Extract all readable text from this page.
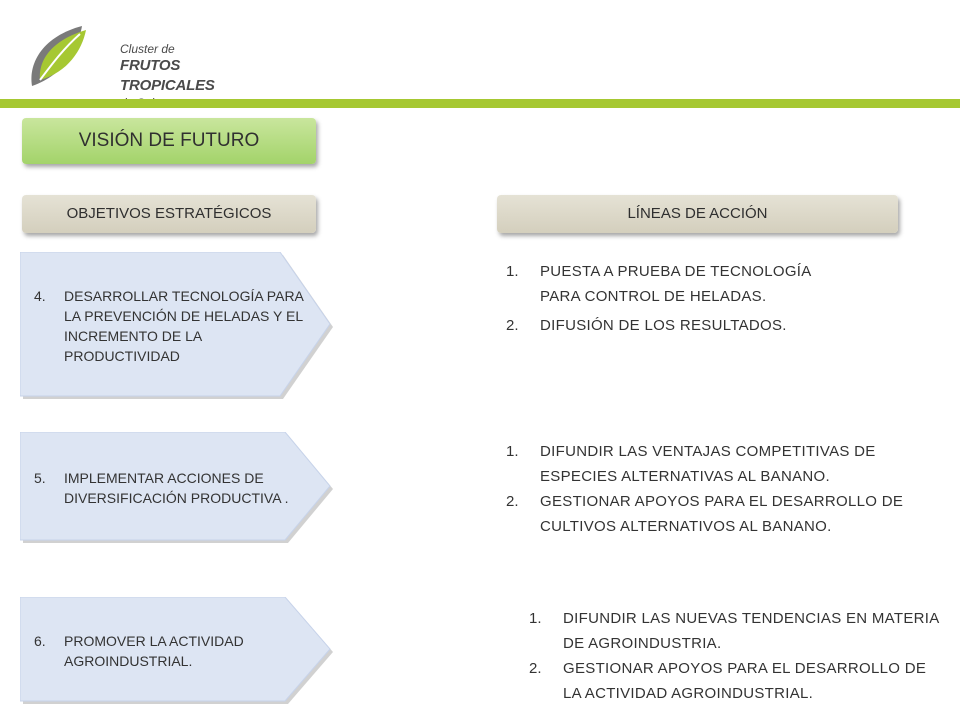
Cluster de
FRUTOS TROPICALES
VISIÓN DE FUTURO
OBJETIVOS ESTRATÉGICOS	LÍNEAS DE ACCIÓN
4.	DESARROLLAR TECNOLOGÍA PARA LA PREVENCIÓN DE HELADAS Y EL INCREMENTO DE LA PRODUCTIVIDAD
5.	IMPLEMENTAR ACCIONES DE DIVERSIFICACIÓN PRODUCTIVA .
6.	PROMOVER LA ACTIVIDAD AGROINDUSTRIAL.
1.	PUESTA A PRUEBA DE TECNOLOGÍA PARA CONTROL DE HELADAS.
2.	DIFUSIÓN DE LOS RESULTADOS.
1.	DIFUNDIR LAS VENTAJAS COMPETITIVAS DE ESPECIES ALTERNATIVAS AL BANANO.
2.	GESTIONAR APOYOS PARA EL DESARROLLO DE CULTIVOS ALTERNATIVOS AL BANANO.
1.	DIFUNDIR LAS NUEVAS TENDENCIAS EN MATERIA DE AGROINDUSTRIA.
2.	GESTIONAR APOYOS PARA EL DESARROLLO DE LA ACTIVIDAD AGROINDUSTRIAL.
